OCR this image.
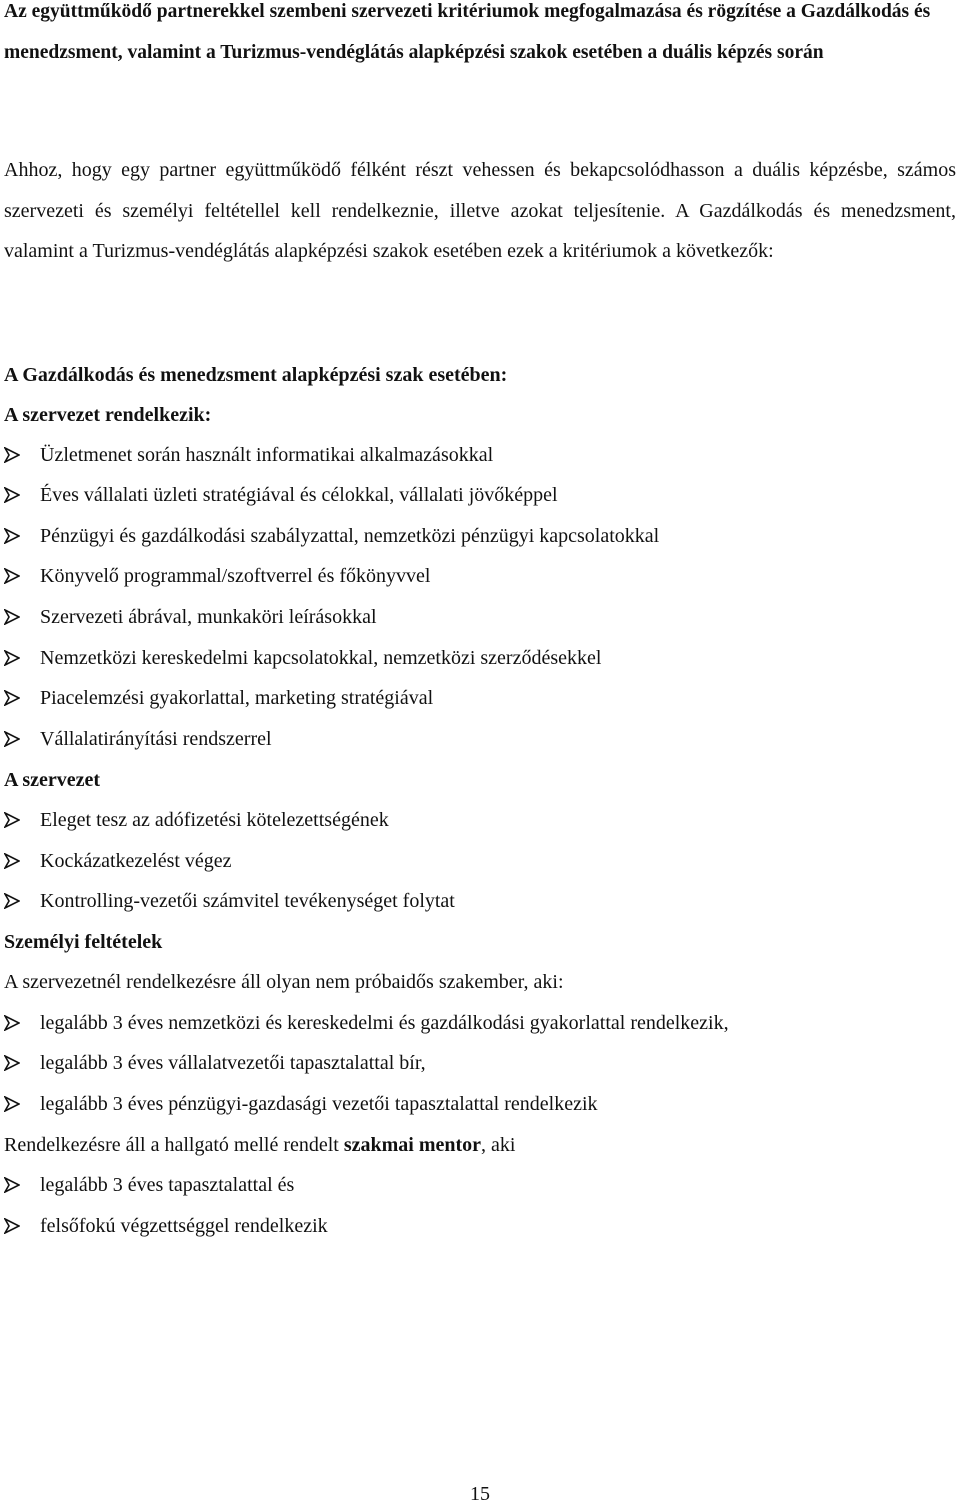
Az együttműködő partnerekkel szembeni szervezeti kritériumok megfogalmazása és rögzítése a Gazdálkodás és menedzsment, valamint a Turizmus-vendéglátás alapképzési szakok esetében a duális képzés során

Ahhoz, hogy egy partner együttműködő félként részt vehessen és bekapcsolódhasson a duális képzésbe, számos szervezeti és személyi feltétellel kell rendelkeznie, illetve azokat teljesítenie. A Gazdálkodás és menedzsment, valamint a Turizmus-vendéglátás alapképzési szakok esetében ezek a kritériumok a következők:

A Gazdálkodás és menedzsment alapképzési szak esetében:

A szervezet rendelkezik:

Üzletmenet során használt informatikai alkalmazásokkal

Éves vállalati üzleti stratégiával és célokkal, vállalati jövőképpel

Pénzügyi és gazdálkodási szabályzattal, nemzetközi pénzügyi kapcsolatokkal

Könyvelő programmal/szoftverrel és főkönyvvel

Szervezeti ábrával, munkaköri leírásokkal

Nemzetközi kereskedelmi kapcsolatokkal, nemzetközi szerződésekkel

Piacelemzési gyakorlattal, marketing stratégiával

Vállalatirányítási rendszerrel

A szervezet

Eleget tesz az adófizetési kötelezettségének

Kockázatkezelést végez

Kontrolling-vezetői számvitel tevékenységet folytat

Személyi feltételek

A szervezetnél rendelkezésre áll olyan nem próbaidős szakember, aki:

legalább 3 éves nemzetközi és kereskedelmi és gazdálkodási gyakorlattal rendelkezik,

legalább 3 éves vállalatvezetői tapasztalattal bír,

legalább 3 éves pénzügyi-gazdasági vezetői tapasztalattal rendelkezik

Rendelkezésre áll a hallgató mellé rendelt szakmai mentor, aki

legalább 3 éves tapasztalattal és

felsőfokú végzettséggel rendelkezik

15
